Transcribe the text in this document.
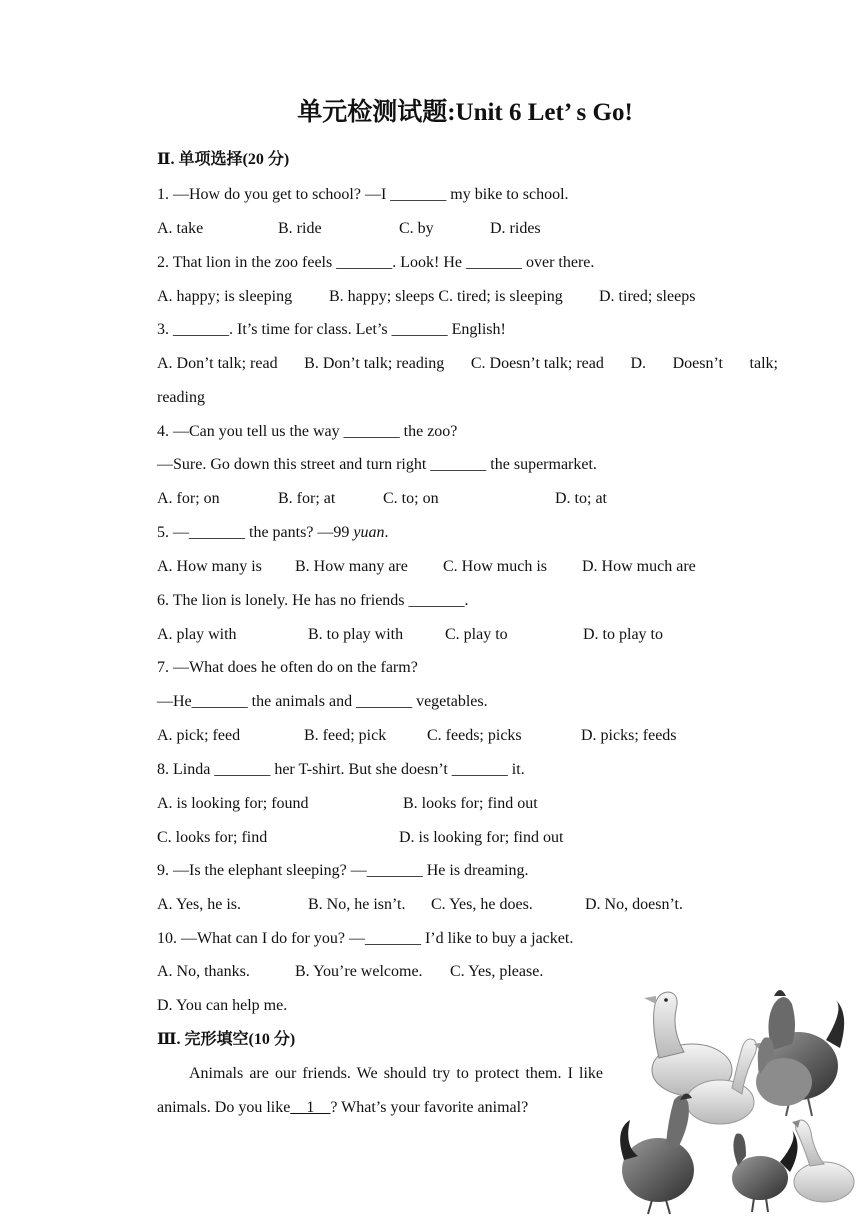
单元检测试题:Unit 6 Let’ s Go!
Ⅱ. 单项选择(20 分)
1. —How do you get to school? —I _______ my bike to school.
A. take	B. ride	C. by	D. rides
2. That lion in the zoo feels _______. Look! He _______ over there.
A. happy; is sleeping B. happy; sleeps C. tired; is sleeping D. tired; sleeps
3. _______. It’s time for class. Let’s _______ English!
A. Don’t talk; read B. Don’t talk; reading C. Doesn’t talk; read D. Doesn’t talk;
reading
4. —Can you tell us the way _______ the zoo?
—Sure. Go down this street and turn right _______ the supermarket.
A. for; on	B. for; at	C. to; on	D. to; at
5. —_______ the pants? —99 yuan.
A. How many is B. How many are C. How much is D. How much are
6. The lion is lonely. He has no friends _______.
A. play with	B. to play with	C. play to	D. to play to
7. —What does he often do on the farm?
—He_______ the animals and _______ vegetables.
A. pick; feed	B. feed; pick	C. feeds; picks	D. picks; feeds
8. Linda _______ her T-shirt. But she doesn’t _______ it.
A. is looking for; found	B. looks for; find out
C. looks for; find	D. is looking for; find out
9. —Is the elephant sleeping? —_______ He is dreaming.
A. Yes, he is.	B. No, he isn’t. C. Yes, he does.	D. No, doesn’t.
10. —What can I do for you? —_______ I’d like to buy a jacket.
A. No, thanks.	B. You’re welcome. C. Yes, please.
D. You can help me.
Ⅲ. 完形填空(10 分)
Animals are our friends. We should try to protect them. I like animals. Do you like__1__? What’s your favorite animal?
